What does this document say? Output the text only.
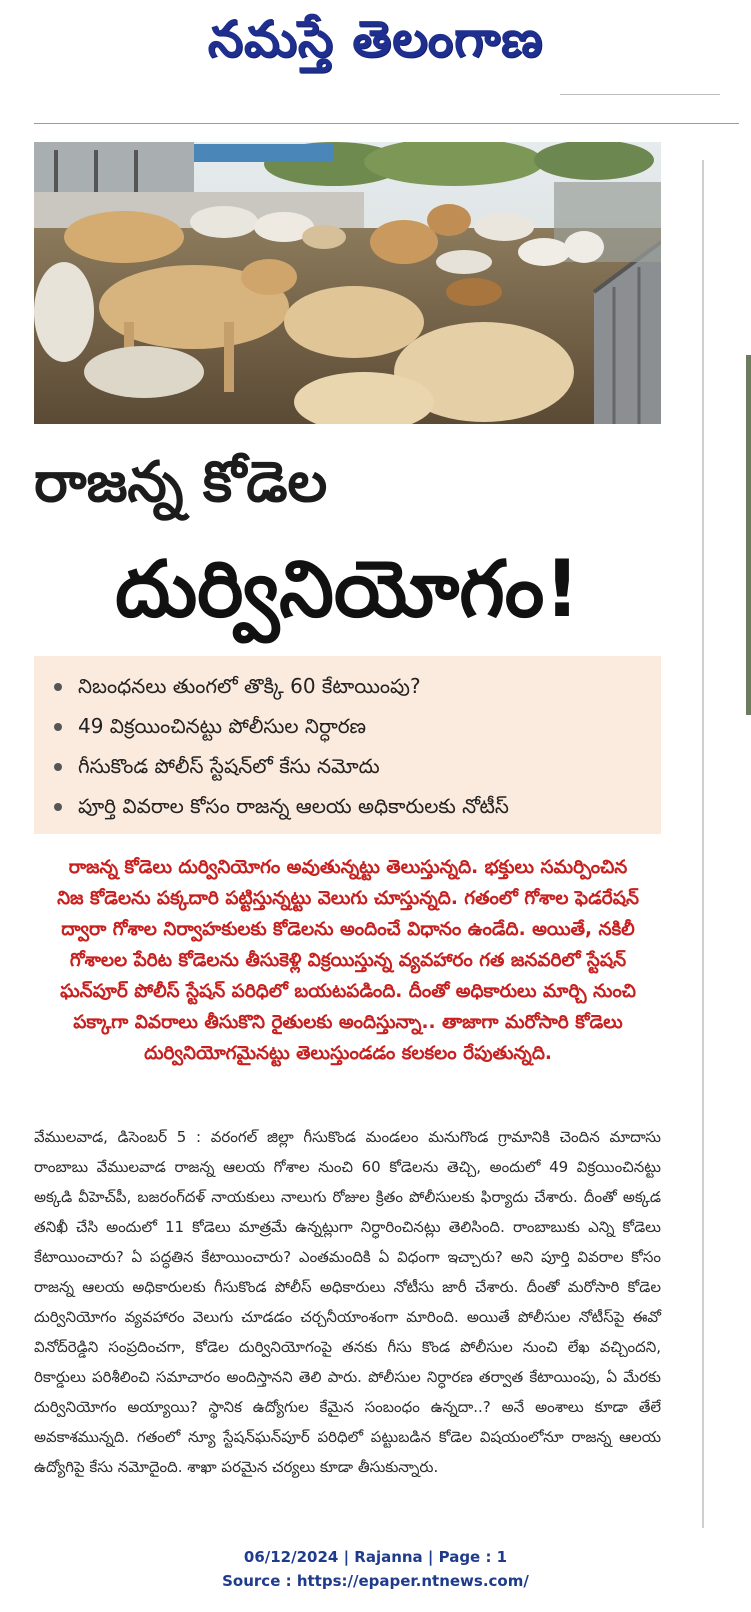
నమస్తే తెలంగాణ
రాజన్న కోడెల
దుర్వినియోగం!
నిబంధనలు తుంగలో తొక్కి 60 కేటాయింపు?
49 విక్రయించినట్టు పోలీసుల నిర్ధారణ
గీసుకొండ పోలీస్ స్టేషన్‌లో కేసు నమోదు
పూర్తి వివరాల కోసం రాజన్న ఆలయ అధికారులకు నోటీస్
రాజన్న కోడెలు దుర్వినియోగం అవుతున్నట్టు తెలుస్తున్నది. భక్తులు సమర్పించిన నిజ కోడెలను పక్కదారి పట్టిస్తున్నట్టు వెలుగు చూస్తున్నది. గతంలో గోశాల ఫెడరేషన్ ద్వారా గోశాల నిర్వాహకులకు కోడెలను అందించే విధానం ఉండేది. అయితే, నకిలీ గోశాలల పేరిట కోడెలను తీసుకెళ్లి విక్రయిస్తున్న వ్యవహారం గత జనవరిలో స్టేషన్ ఘన్‌పూర్ పోలీస్ స్టేషన్ పరిధిలో బయటపడింది. దీంతో అధికారులు మార్చి నుంచి పక్కాగా వివరాలు తీసుకొని రైతులకు అందిస్తున్నా.. తాజాగా మరోసారి కోడెలు దుర్వినియోగమైనట్టు తెలుస్తుండడం కలకలం రేపుతున్నది.
వేములవాడ, డిసెంబర్ 5 : వరంగల్ జిల్లా గీసుకొండ మండలం మనుగొండ గ్రామానికి చెందిన మాదాసు రాంబాబు వేములవాడ రాజన్న ఆలయ గోశాల నుంచి 60 కోడెలను తెచ్చి, అందులో 49 విక్రయించినట్టు అక్కడి వీహెచ్‌పీ, బజరంగ్‌దళ్ నాయకులు నాలుగు రోజుల క్రితం పోలీసులకు ఫిర్యాదు చేశారు. దీంతో అక్కడ తనిఖీ చేసి అందులో 11 కోడెలు మాత్రమే ఉన్నట్లుగా నిర్ధారించినట్లు తెలిసింది. రాంబాబుకు ఎన్ని కోడెలు కేటాయించారు? ఏ పద్ధతిన కేటాయించారు? ఎంతమందికి ఏ విధంగా ఇచ్చారు? అని పూర్తి వివరాల కోసం రాజన్న ఆలయ అధికారులకు గీసుకొండ పోలీస్ అధికారులు నోటీసు జారీ చేశారు. దీంతో మరోసారి కోడెల దుర్వినియోగం వ్యవహారం వెలుగు చూడడం చర్చనీయాంశంగా మారింది. అయితే పోలీసుల నోటీస్‌పై ఈవో వినోద్‌రెడ్డిని సంప్రదించగా, కోడెల దుర్వినియోగంపై తనకు గీసు కొండ పోలీసుల నుంచి లేఖ వచ్చిందని, రికార్డులు పరిశీలించి సమాచారం అందిస్తానని తెలి పారు. పోలీసుల నిర్ధారణ తర్వాత కేటాయింపు, ఏ మేరకు దుర్వినియోగం అయ్యాయి? స్థానిక ఉద్యోగుల కేమైన సంబంధం ఉన్నదా..? అనే అంశాలు కూడా తేలే అవకాశమున్నది. గతంలో న్యూ స్టేషన్‌ఘన్‌పూర్ పరిధిలో పట్టుబడిన కోడెల విషయంలోనూ రాజన్న ఆలయ ఉద్యోగిపై కేసు నమోదైంది. శాఖా పరమైన చర్యలు కూడా తీసుకున్నారు.
06/12/2024 | Rajanna | Page : 1
Source : https://epaper.ntnews.com/
